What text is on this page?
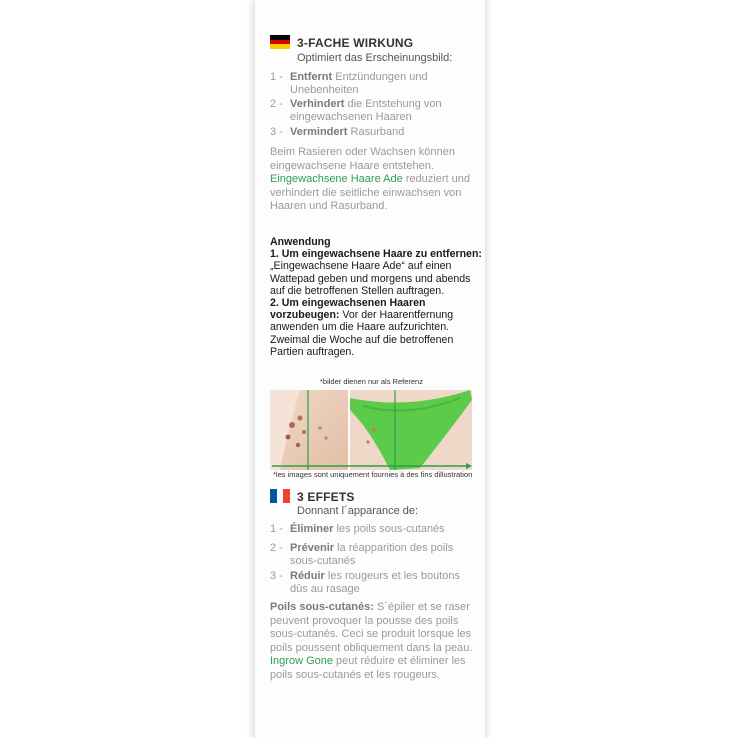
3-FACHE WIRKUNG
Optimiert das Erscheinungsbild:
1 - Entfernt Entzündungen und Unebenheiten
2 - Verhindert die Entstehung von eingewachsenen Haaren
3 - Vermindert Rasurband
Beim Rasieren oder Wachsen können eingewachsene Haare entstehen. Eingewachsene Haare Ade reduziert und verhindert die seitliche einwachsen von Haaren und Rasurband.
Anwendung
1. Um eingewachsene Haare zu entfernen: „Eingewachsene Haare Ade“ auf einen Wattepad geben und morgens und abends auf die betroffenen Stellen auftragen.
2. Um eingewachsenen Haaren vorzubeugen: Vor der Haarentfernung anwenden um die Haare aufzurichten. Zweimal die Woche auf die betroffenen Partien auftragen.
*bilder dienen nur als Referenz
*les images sont uniquement fournies à des fins dillustration
3 EFFETS
Donnant l´apparance de:
1 - Éliminer les poils sous-cutanés
2 - Prévenir la réapparition des poils sous-cutanés
3 - Réduir les rougeurs et les boutons dûs au rasage
Poils sous-cutanés: S´épiler et se raser peuvent provoquer la pousse des poils sous-cutanés. Ceci se produit lorsque les poils poussent obliquement dans la peau. Ingrow Gone peut réduire et éliminer les poils sous-cutanés et les rougeurs.
